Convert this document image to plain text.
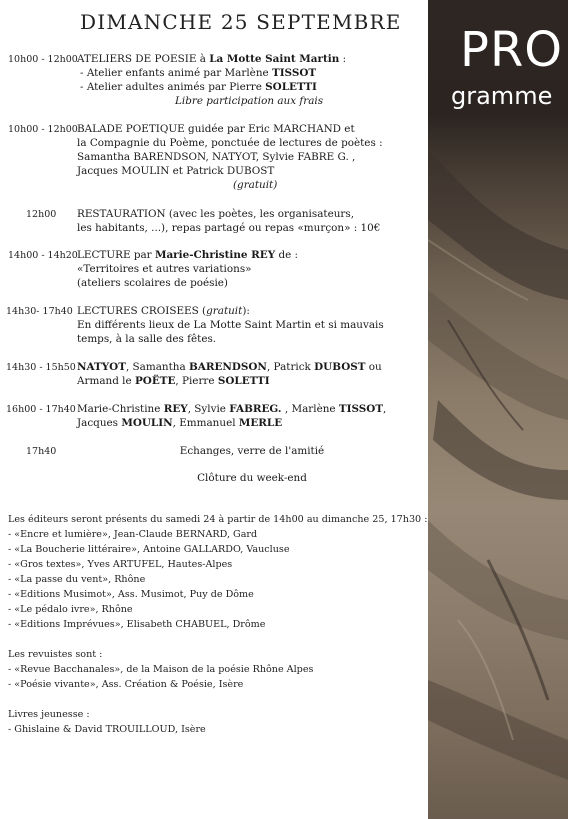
PRO
gramme
DIMANCHE 25 SEPTEMBRE
10h00 - 12h00 ATELIERS DE POESIE à La Motte Saint Martin :
- Atelier enfants animé par Marlène TISSOT
- Atelier adultes animés par Pierre SOLETTI
Libre participation aux frais
10h00 - 12h00 BALADE POETIQUE guidée par Eric MARCHAND et
la Compagnie du Poème, ponctuée de lectures de poètes :
Samantha BARENDSON, NATYOT, Sylvie FABRE G. ,
Jacques MOULIN et Patrick DUBOST
(gratuit)
12h00 RESTAURATION (avec les poètes, les organisateurs,
les habitants, ...), repas partagé ou repas «murçon» : 10€
14h00 - 14h20 LECTURE par Marie-Christine REY de :
«Territoires et autres variations»
(ateliers scolaires de poésie)
14h30- 17h40 LECTURES CROISEES (gratuit):
En différents lieux de La Motte Saint Martin et si mauvais
temps, à la salle des fêtes.
14h30 - 15h50 NATYOT, Samantha BARENDSON, Patrick DUBOST ou
Armand le POËTE, Pierre SOLETTI
16h00 - 17h40 Marie-Christine REY, Sylvie FABREG. , Marlène TISSOT,
Jacques MOULIN, Emmanuel MERLE
17h40	Echanges, verre de l'amitié
Clôture du week-end
Les éditeurs seront présents du samedi 24 à partir de 14h00 au dimanche 25, 17h30 :
- «Encre et lumière», Jean-Claude BERNARD, Gard
- «La Boucherie littéraire», Antoine GALLARDO, Vaucluse
- «Gros textes», Yves ARTUFEL, Hautes-Alpes
- «La passe du vent», Rhône
- «Editions Musimot», Ass. Musimot, Puy de Dôme
- «Le pédalo ivre», Rhône
- «Editions Imprévues», Elisabeth CHABUEL, Drôme
Les revuistes sont :
- «Revue Bacchanales», de la Maison de la poésie Rhône Alpes
- «Poésie vivante», Ass. Création & Poésie, Isère
Livres jeunesse :
- Ghislaine & David TROUILLOUD, Isère
